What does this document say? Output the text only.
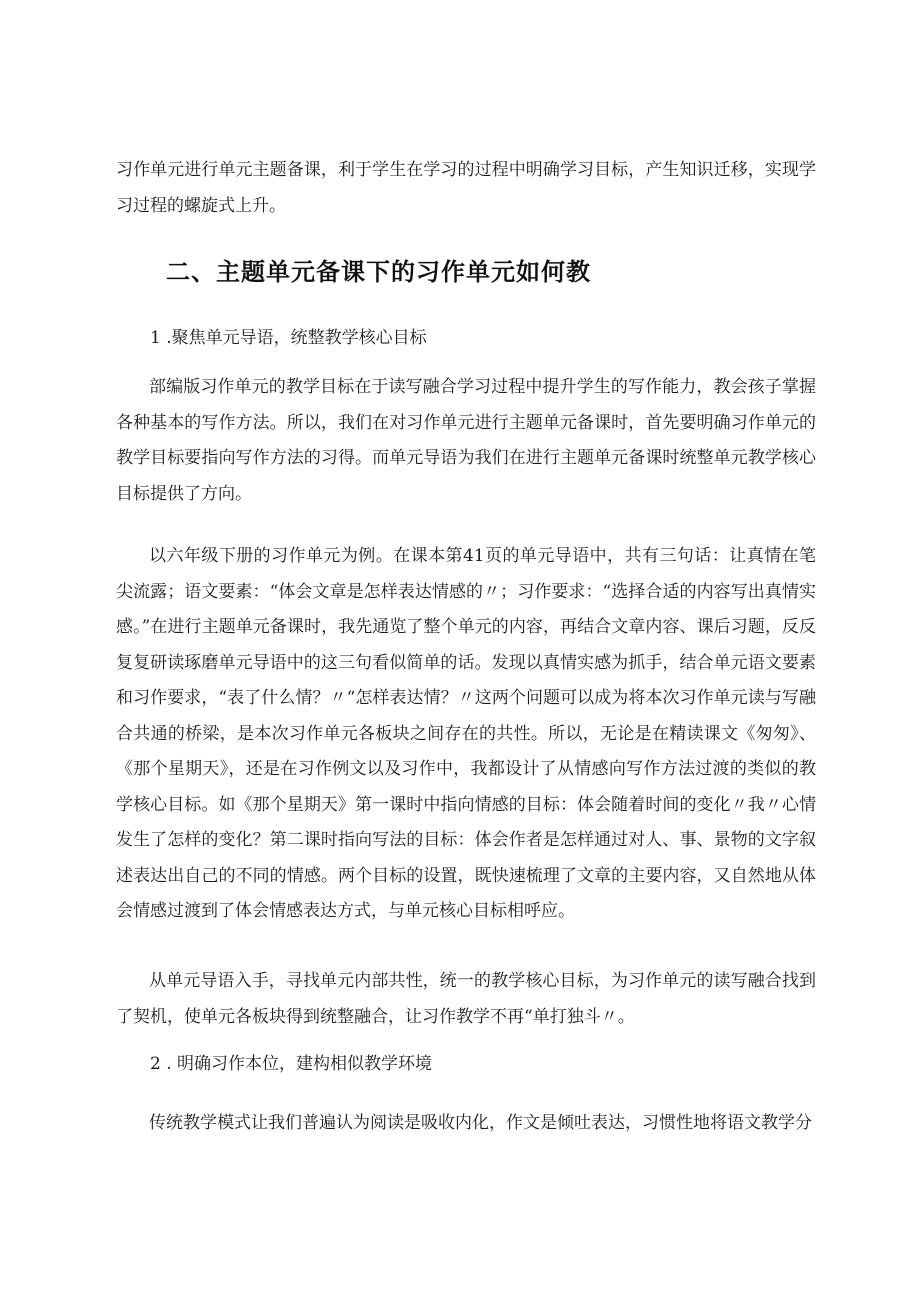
习作单元进行单元主题备课，利于学生在学习的过程中明确学习目标，产生知识迁移，实现学习过程的螺旋式上升。

二、主题单元备课下的习作单元如何教

1 .聚焦单元导语，统整教学核心目标

部编版习作单元的教学目标在于读写融合学习过程中提升学生的写作能力，教会孩子掌握各种基本的写作方法。所以，我们在对习作单元进行主题单元备课时，首先要明确习作单元的教学目标要指向写作方法的习得。而单元导语为我们在进行主题单元备课时统整单元教学核心目标提供了方向。

以六年级下册的习作单元为例。在课本第41页的单元导语中，共有三句话：让真情在笔尖流露；语文要素：“体会文章是怎样表达情感的〃；习作要求：“选择合适的内容写出真情实感。”在进行主题单元备课时，我先通览了整个单元的内容，再结合文章内容、课后习题，反反复复研读琢磨单元导语中的这三句看似简单的话。发现以真情实感为抓手，结合单元语文要素和习作要求，“表了什么情？〃“怎样表达情？〃这两个问题可以成为将本次习作单元读与写融合共通的桥梁，是本次习作单元各板块之间存在的共性。所以，无论是在精读课文《匆匆》、《那个星期天》，还是在习作例文以及习作中，我都设计了从情感向写作方法过渡的类似的教学核心目标。如《那个星期天》第一课时中指向情感的目标：体会随着时间的变化〃我〃心情发生了怎样的变化？第二课时指向写法的目标：体会作者是怎样通过对人、事、景物的文字叙述表达出自己的不同的情感。两个目标的设置，既快速梳理了文章的主要内容，又自然地从体会情感过渡到了体会情感表达方式，与单元核心目标相呼应。

从单元导语入手，寻找单元内部共性，统一的教学核心目标，为习作单元的读写融合找到了契机，使单元各板块得到统整融合，让习作教学不再“单打独斗〃。

2 . 明确习作本位，建构相似教学环境

传统教学模式让我们普遍认为阅读是吸收内化，作文是倾吐表达，习惯性地将语文教学分
